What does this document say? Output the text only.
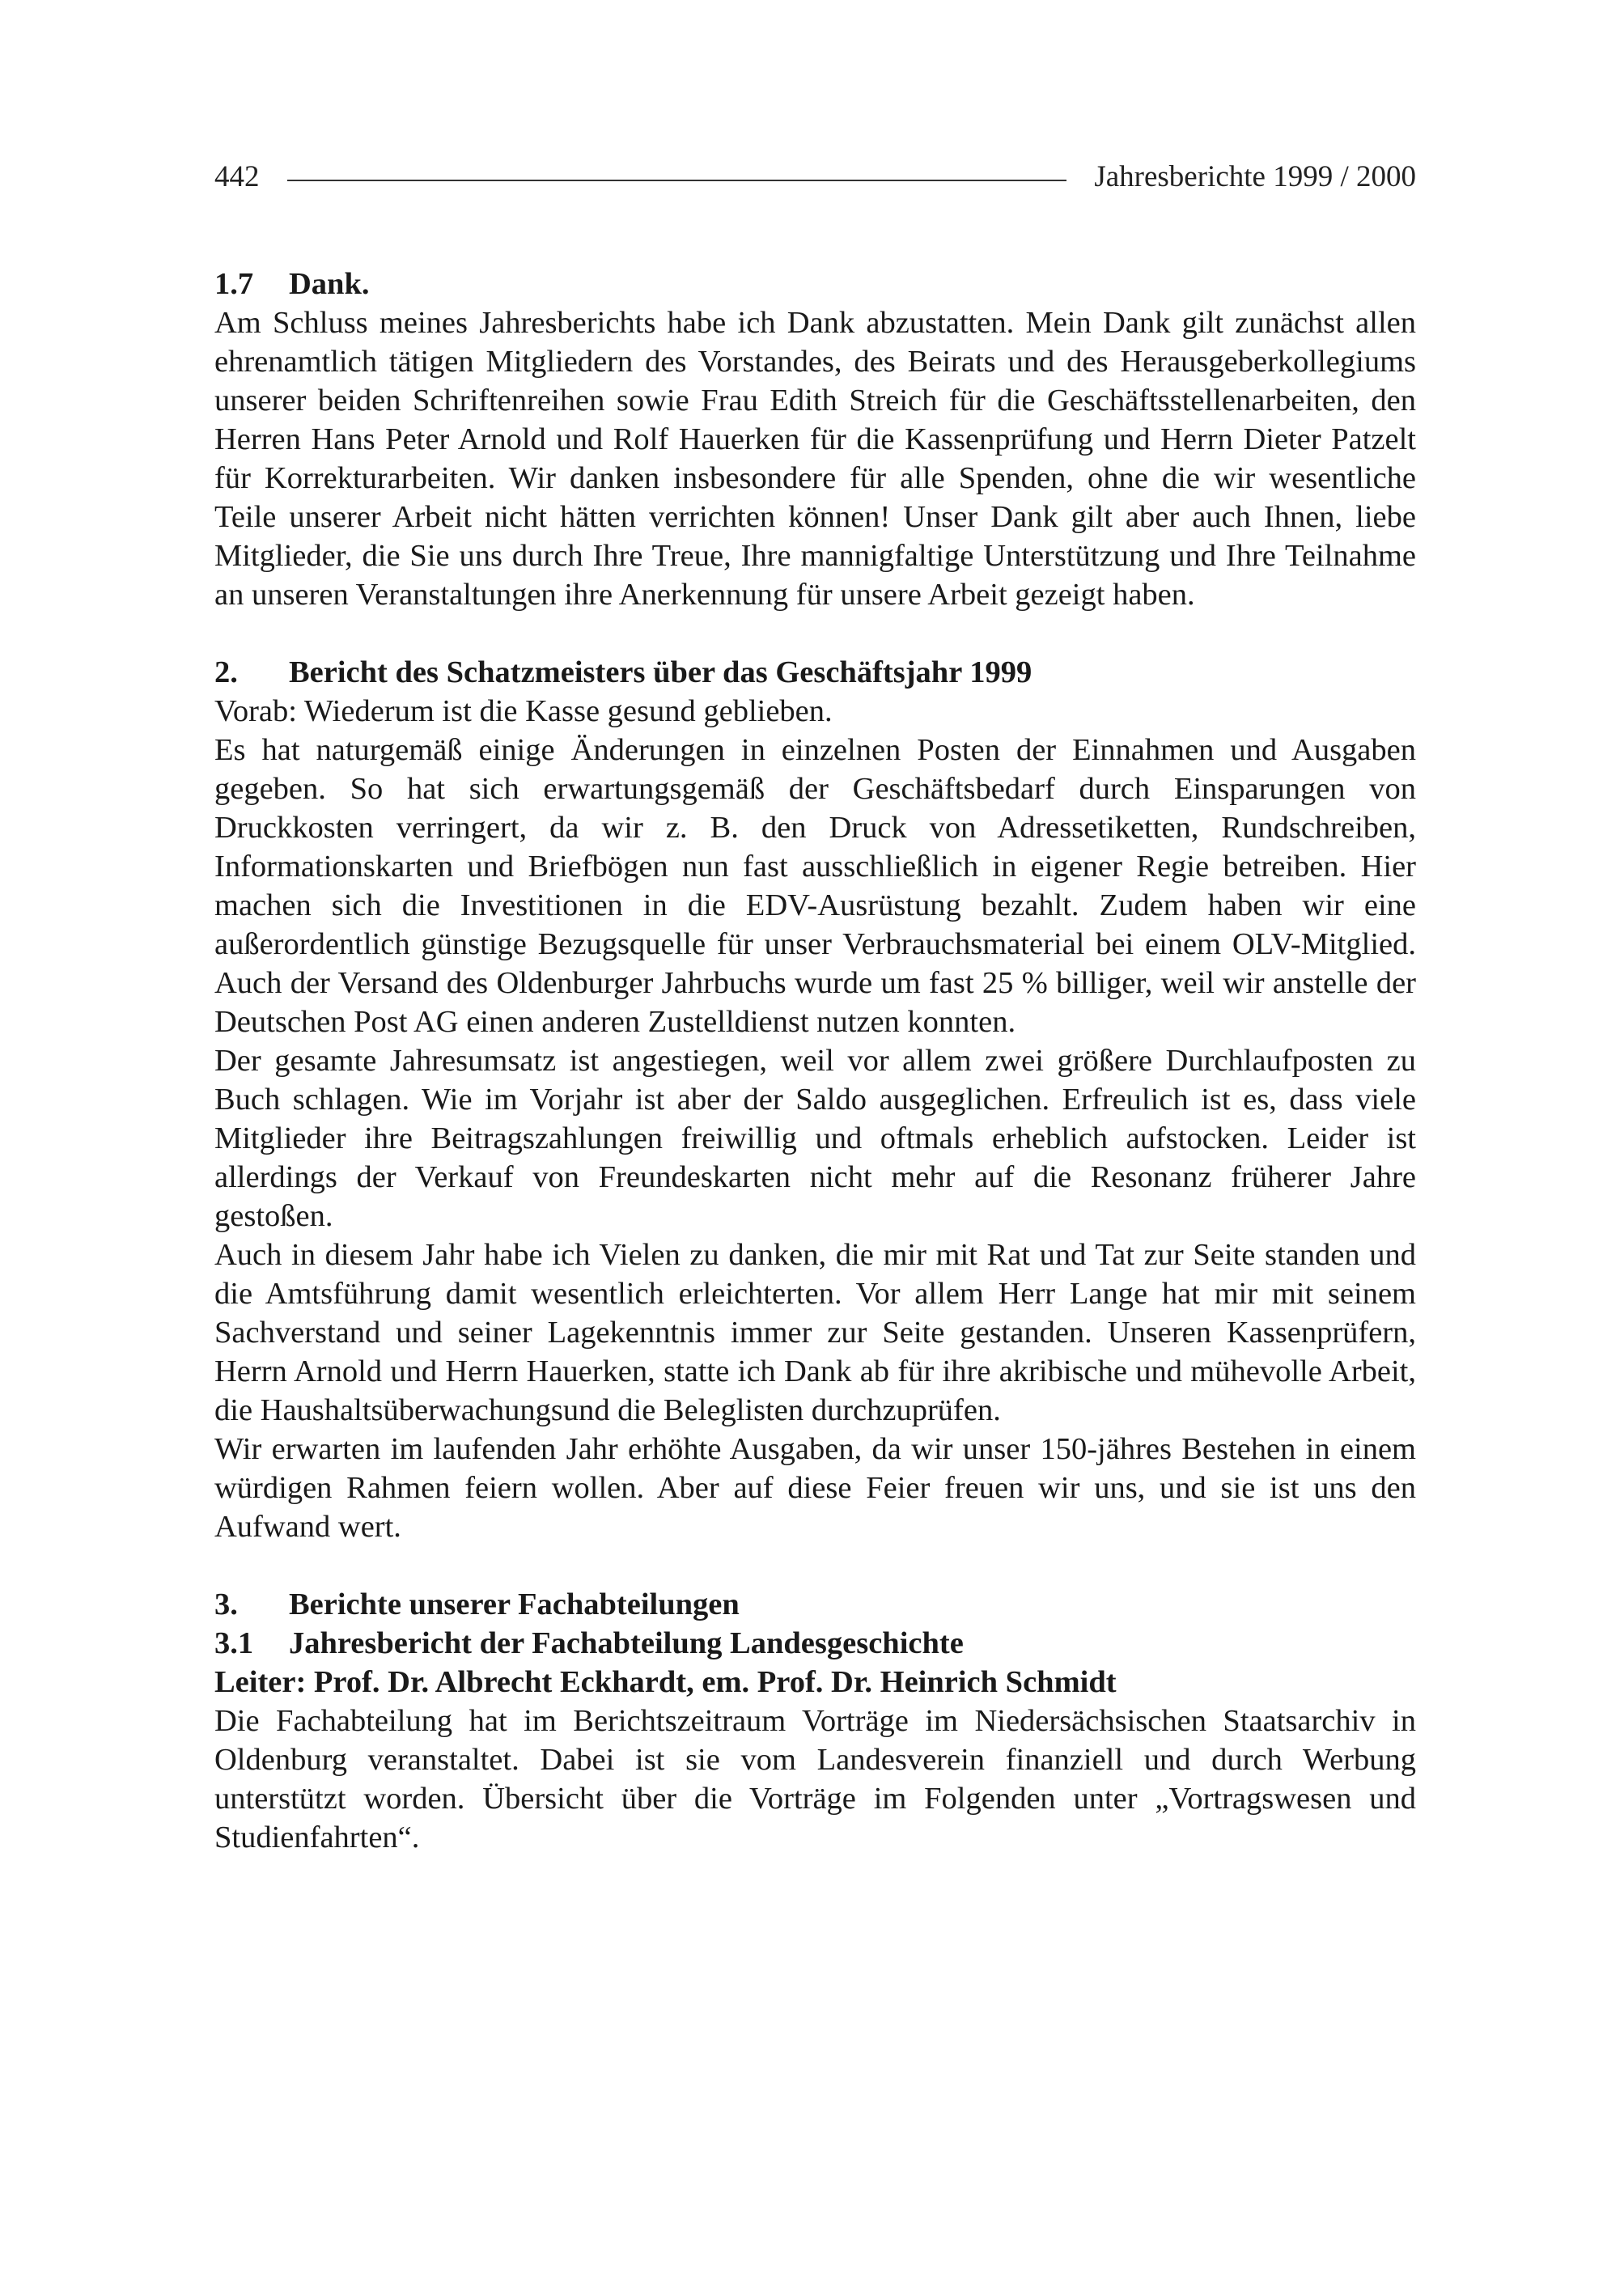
442	Jahresberichte 1999 / 2000

1.7 Dank.

Am Schluss meines Jahresberichts habe ich Dank abzustatten. Mein Dank gilt zunächst allen ehrenamtlich tätigen Mitgliedern des Vorstandes, des Beirats und des Herausgeberkollegiums unserer beiden Schriftenreihen sowie Frau Edith Streich für die Geschäftsstellenarbeiten, den Herren Hans Peter Arnold und Rolf Hauerken für die Kassenprüfung und Herrn Dieter Patzelt für Korrekturarbeiten. Wir danken insbesondere für alle Spenden, ohne die wir wesentliche Teile unserer Arbeit nicht hätten verrichten können! Unser Dank gilt aber auch Ihnen, liebe Mitglieder, die Sie uns durch Ihre Treue, Ihre mannigfaltige Unterstützung und Ihre Teilnahme an unseren Veranstaltungen ihre Anerkennung für unsere Arbeit gezeigt haben.

2. Bericht des Schatzmeisters über das Geschäftsjahr 1999

Vorab: Wiederum ist die Kasse gesund geblieben.

Es hat naturgemäß einige Änderungen in einzelnen Posten der Einnahmen und Ausgaben gegeben. So hat sich erwartungsgemäß der Geschäftsbedarf durch Einsparungen von Druckkosten verringert, da wir z. B. den Druck von Adressetiketten, Rundschreiben, Informationskarten und Briefbögen nun fast ausschließlich in eigener Regie betreiben. Hier machen sich die Investitionen in die EDV-Ausrüstung bezahlt. Zudem haben wir eine außerordentlich günstige Bezugsquelle für unser Verbrauchsmaterial bei einem OLV-Mitglied. Auch der Versand des Oldenburger Jahrbuchs wurde um fast 25 % billiger, weil wir anstelle der Deutschen Post AG einen anderen Zustelldienst nutzen konnten.

Der gesamte Jahresumsatz ist angestiegen, weil vor allem zwei größere Durchlaufposten zu Buch schlagen. Wie im Vorjahr ist aber der Saldo ausgeglichen. Erfreulich ist es, dass viele Mitglieder ihre Beitragszahlungen freiwillig und oftmals erheblich aufstocken. Leider ist allerdings der Verkauf von Freundeskarten nicht mehr auf die Resonanz früherer Jahre gestoßen.

Auch in diesem Jahr habe ich Vielen zu danken, die mir mit Rat und Tat zur Seite standen und die Amtsführung damit wesentlich erleichterten. Vor allem Herr Lange hat mir mit seinem Sachverstand und seiner Lagekenntnis immer zur Seite gestanden. Unseren Kassenprüfern, Herrn Arnold und Herrn Hauerken, statte ich Dank ab für ihre akribische und mühevolle Arbeit, die Haushaltsüberwachungsund die Beleglisten durchzuprüfen.

Wir erwarten im laufenden Jahr erhöhte Ausgaben, da wir unser 150-jähres Bestehen in einem würdigen Rahmen feiern wollen. Aber auf diese Feier freuen wir uns, und sie ist uns den Aufwand wert.

3. Berichte unserer Fachabteilungen

3.1 Jahresbericht der Fachabteilung Landesgeschichte

Leiter: Prof. Dr. Albrecht Eckhardt, em. Prof. Dr. Heinrich Schmidt

Die Fachabteilung hat im Berichtszeitraum Vorträge im Niedersächsischen Staatsarchiv in Oldenburg veranstaltet. Dabei ist sie vom Landesverein finanziell und durch Werbung unterstützt worden. Übersicht über die Vorträge im Folgenden unter „Vortragswesen und Studienfahrten“.
